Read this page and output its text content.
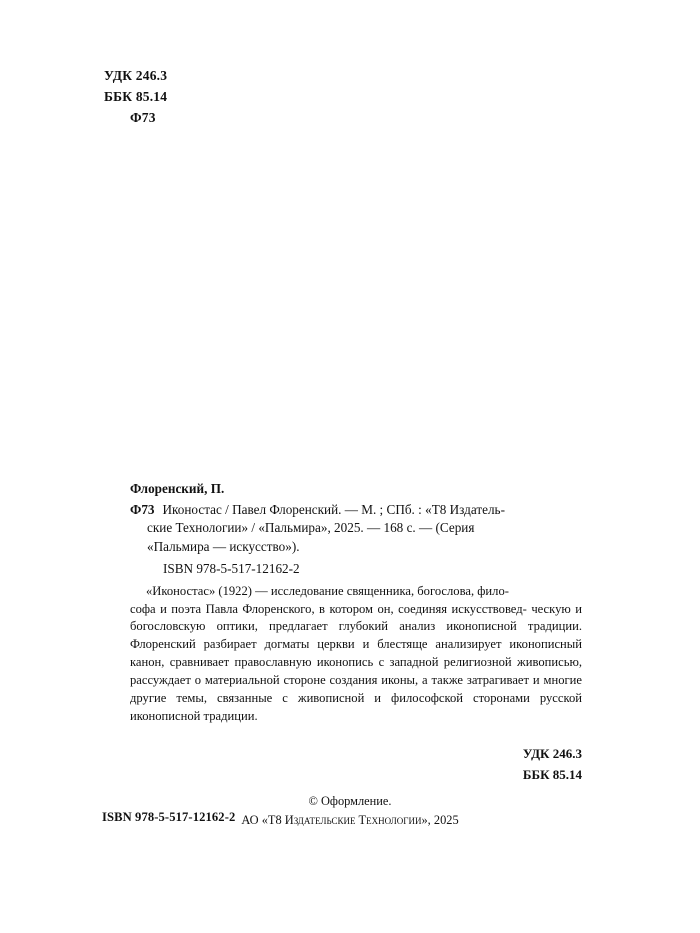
УДК 246.3
ББК 85.14
Ф73
Флоренский, П.
Ф73 Иконостас / Павел Флоренский. — М. ; СПб. : «Т8 Издатель-
ские Технологии» / «Пальмира», 2025. — 168 с. — (Серия
«Пальмира — искусство»).
ISBN 978-5-517-12162-2
«Иконостас» (1922) — исследование священника, богослова, фило-
софа и поэта Павла Флоренского, в котором он, соединяя искусствовед- ческую и богословскую оптики, предлагает глубокий анализ иконописной традиции. Флоренский разбирает догматы церкви и блестяще анализирует иконописный канон, сравнивает православную иконопись с западной религиозной живописью, рассуждает о материальной стороне создания иконы, а также затрагивает и многие другие темы, связанные с живописной и философской сторонами русской иконописной традиции.
УДК 246.3
ББК 85.14
ISBN 978-5-517-12162-2
© Оформление.
АО «Т8 Издательские Технологии», 2025
